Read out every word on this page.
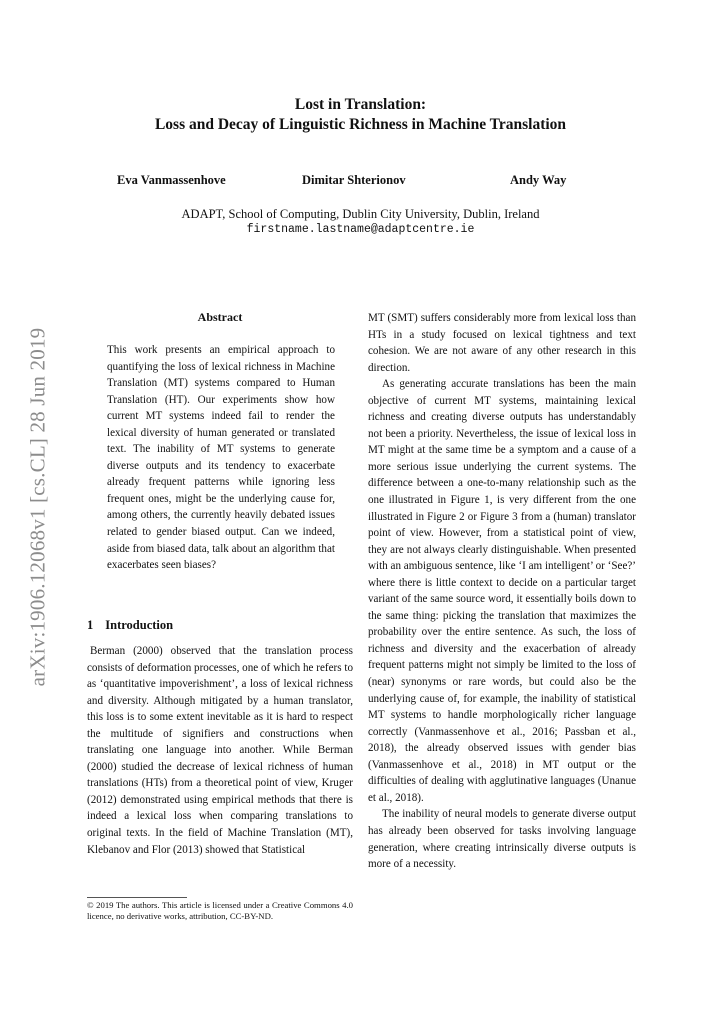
Lost in Translation:
Loss and Decay of Linguistic Richness in Machine Translation
Eva Vanmassenhove	Dimitar Shterionov	Andy Way
ADAPT, School of Computing, Dublin City University, Dublin, Ireland
firstname.lastname@adaptcentre.ie
arXiv:1906.12068v1 [cs.CL] 28 Jun 2019
Abstract

This work presents an empirical approach to quantifying the loss of lexical richness in Machine Translation (MT) systems compared to Human Translation (HT). Our experiments show how current MT systems indeed fail to render the lexical diversity of human generated or translated text. The inability of MT systems to generate diverse outputs and its tendency to exacerbate already frequent patterns while ignoring less frequent ones, might be the underlying cause for, among others, the currently heavily debated issues related to gender biased output. Can we indeed, aside from biased data, talk about an algorithm that exacerbates seen biases?

1 Introduction

Berman (2000) observed that the translation process consists of deformation processes, one of which he refers to as ‘quantitative impoverishment’, a loss of lexical richness and diversity. Although mitigated by a human translator, this loss is to some extent inevitable as it is hard to respect the multitude of signifiers and constructions when translating one language into another. While Berman (2000) studied the decrease of lexical richness of human translations (HTs) from a theoretical point of view, Kruger (2012) demonstrated using empirical methods that there is indeed a lexical loss when comparing translations to original texts. In the field of Machine Translation (MT), Klebanov and Flor (2013) showed that Statistical

© 2019 The authors. This article is licensed under a Creative Commons 4.0 licence, no derivative works, attribution, CC-BY-ND.

MT (SMT) suffers considerably more from lexical loss than HTs in a study focused on lexical tightness and text cohesion. We are not aware of any other research in this direction.

As generating accurate translations has been the main objective of current MT systems, maintaining lexical richness and creating diverse outputs has understandably not been a priority. Nevertheless, the issue of lexical loss in MT might at the same time be a symptom and a cause of a more serious issue underlying the current systems. The difference between a one-to-many relationship such as the one illustrated in Figure 1, is very different from the one illustrated in Figure 2 or Figure 3 from a (human) translator point of view. However, from a statistical point of view, they are not always clearly distinguishable. When presented with an ambiguous sentence, like ‘I am intelligent’ or ‘See?’ where there is little context to decide on a particular target variant of the same source word, it essentially boils down to the same thing: picking the translation that maximizes the probability over the entire sentence. As such, the loss of richness and diversity and the exacerbation of already frequent patterns might not simply be limited to the loss of (near) synonyms or rare words, but could also be the underlying cause of, for example, the inability of statistical MT systems to handle morphologically richer language correctly (Vanmassenhove et al., 2016; Passban et al., 2018), the already observed issues with gender bias (Vanmassenhove et al., 2018) in MT output or the difficulties of dealing with agglutinative languages (Unanue et al., 2018).

The inability of neural models to generate diverse output has already been observed for tasks involving language generation, where creating intrinsically diverse outputs is more of a necessity.
